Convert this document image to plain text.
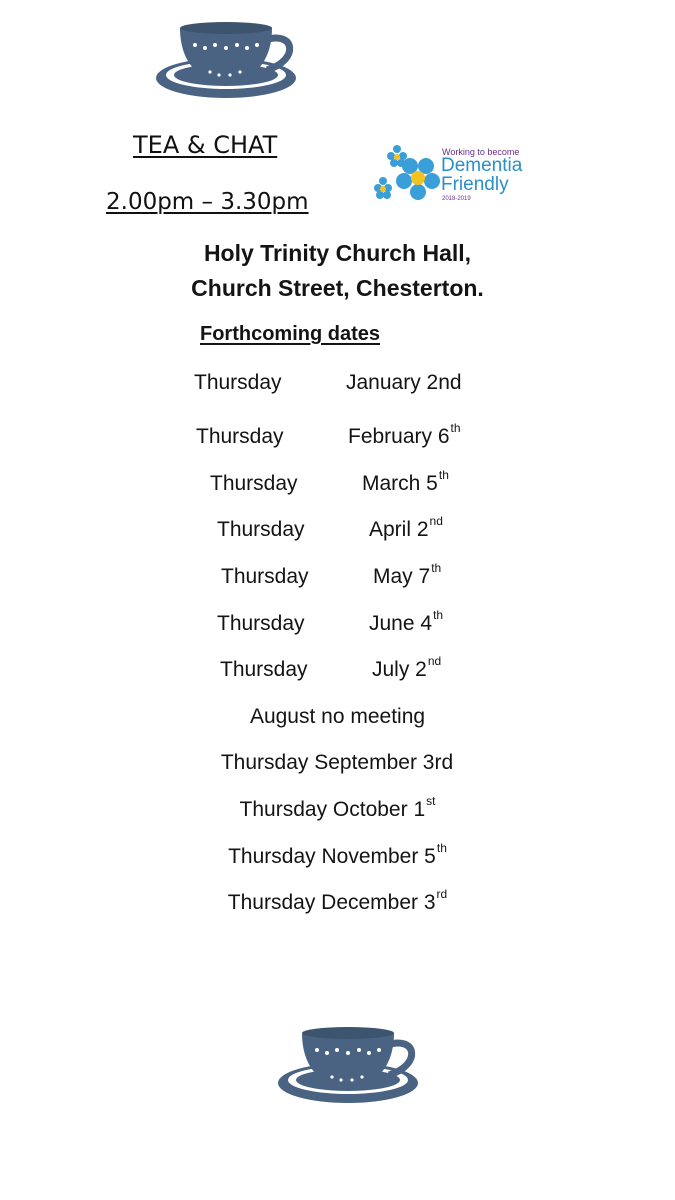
TEA & CHAT
2.00pm – 3.30pm
Working to become
Dementia
Friendly
2018-2019
Holy Trinity Church Hall,
Church Street, Chesterton.
Forthcoming dates
Thursday	January 2nd
Thursday	February 6th
Thursday	March 5th
Thursday	April 2nd
Thursday	May 7th
Thursday	June 4th
Thursday	July 2nd
August no meeting
Thursday September 3rd
Thursday October 1st
Thursday November 5th
Thursday December 3rd
